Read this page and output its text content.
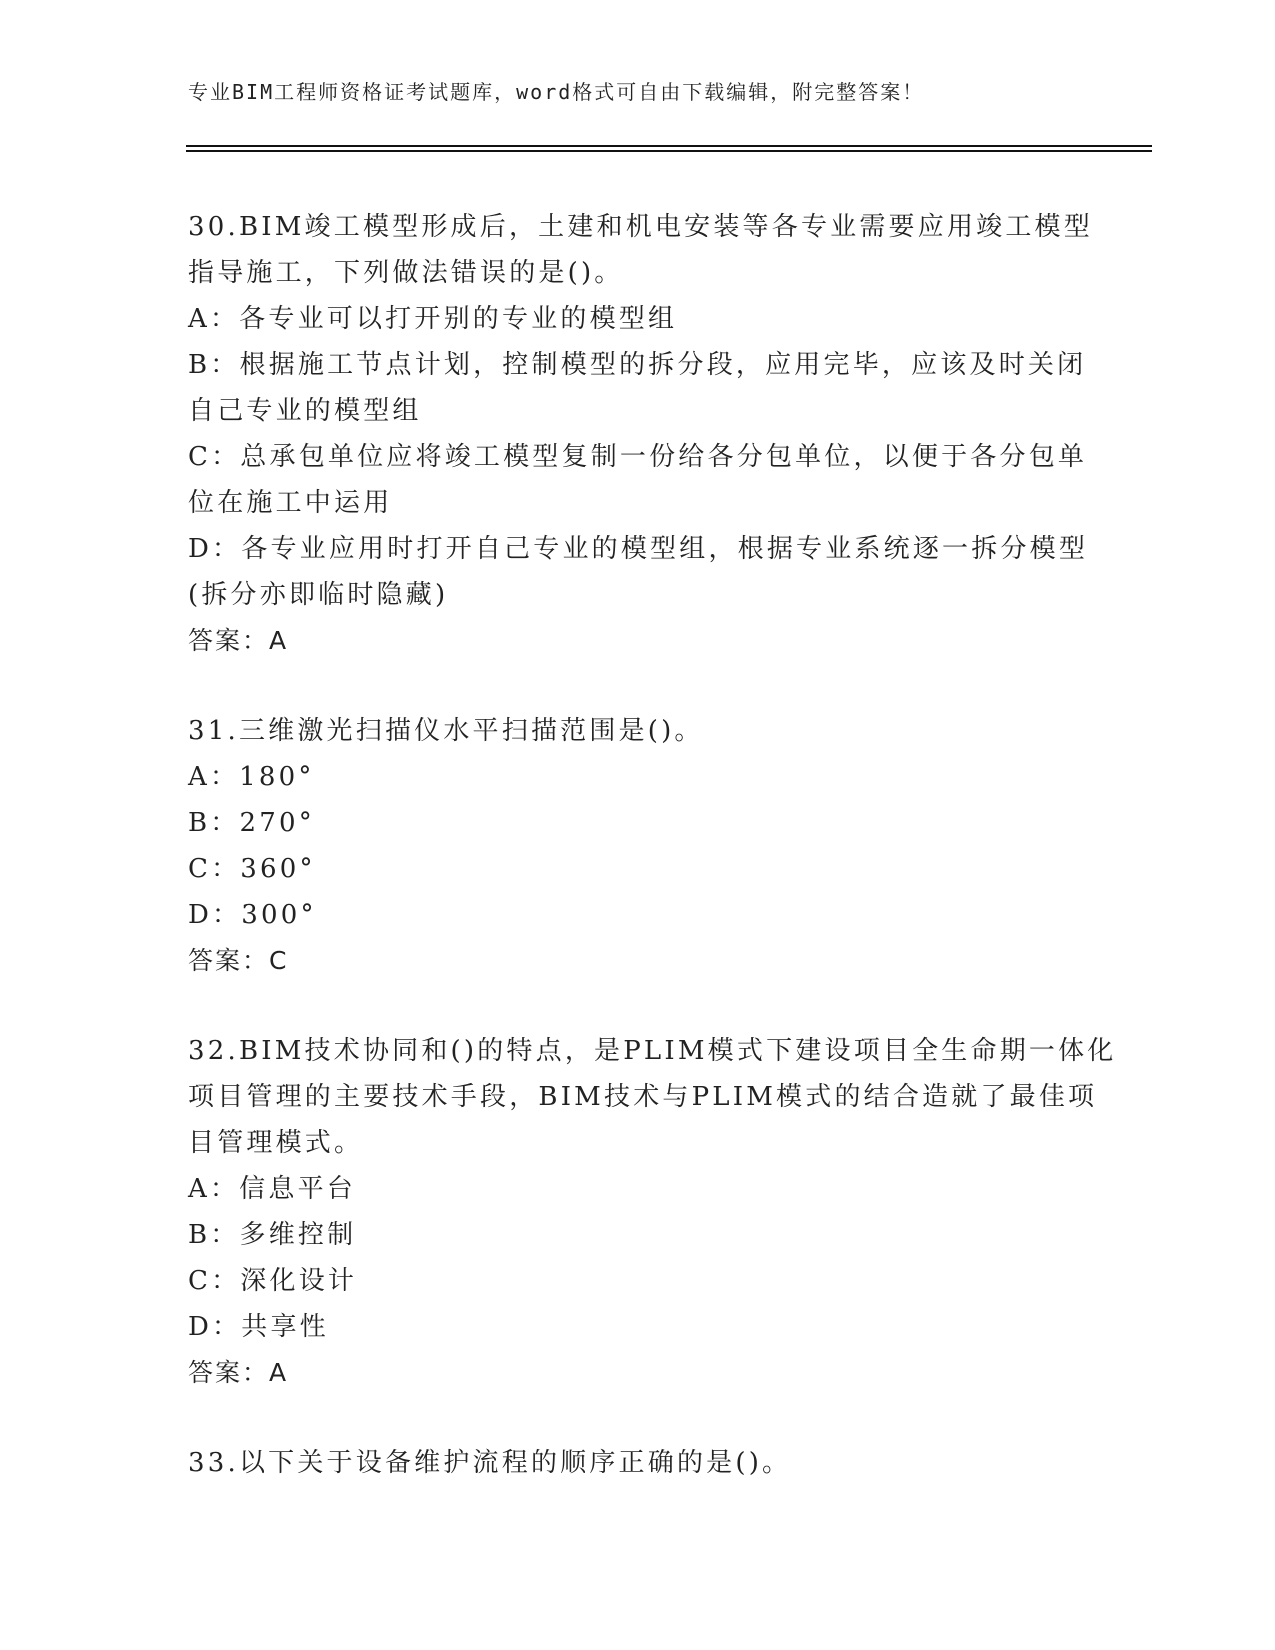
专业BIM工程师资格证考试题库，word格式可自由下载编辑，附完整答案！
30.BIM竣工模型形成后，土建和机电安装等各专业需要应用竣工模型
指导施工，下列做法错误的是()。
A：各专业可以打开别的专业的模型组
B：根据施工节点计划，控制模型的拆分段，应用完毕，应该及时关闭
自己专业的模型组
C：总承包单位应将竣工模型复制一份给各分包单位，以便于各分包单
位在施工中运用
D：各专业应用时打开自己专业的模型组，根据专业系统逐一拆分模型
(拆分亦即临时隐藏)
答案：A
31.三维激光扫描仪水平扫描范围是()。
A：180°
B：270°
C：360°
D：300°
答案：C
32.BIM技术协同和()的特点，是PLIM模式下建设项目全生命期一体化
项目管理的主要技术手段，BIM技术与PLIM模式的结合造就了最佳项
目管理模式。
A：信息平台
B：多维控制
C：深化设计
D：共享性
答案：A
33.以下关于设备维护流程的顺序正确的是()。
